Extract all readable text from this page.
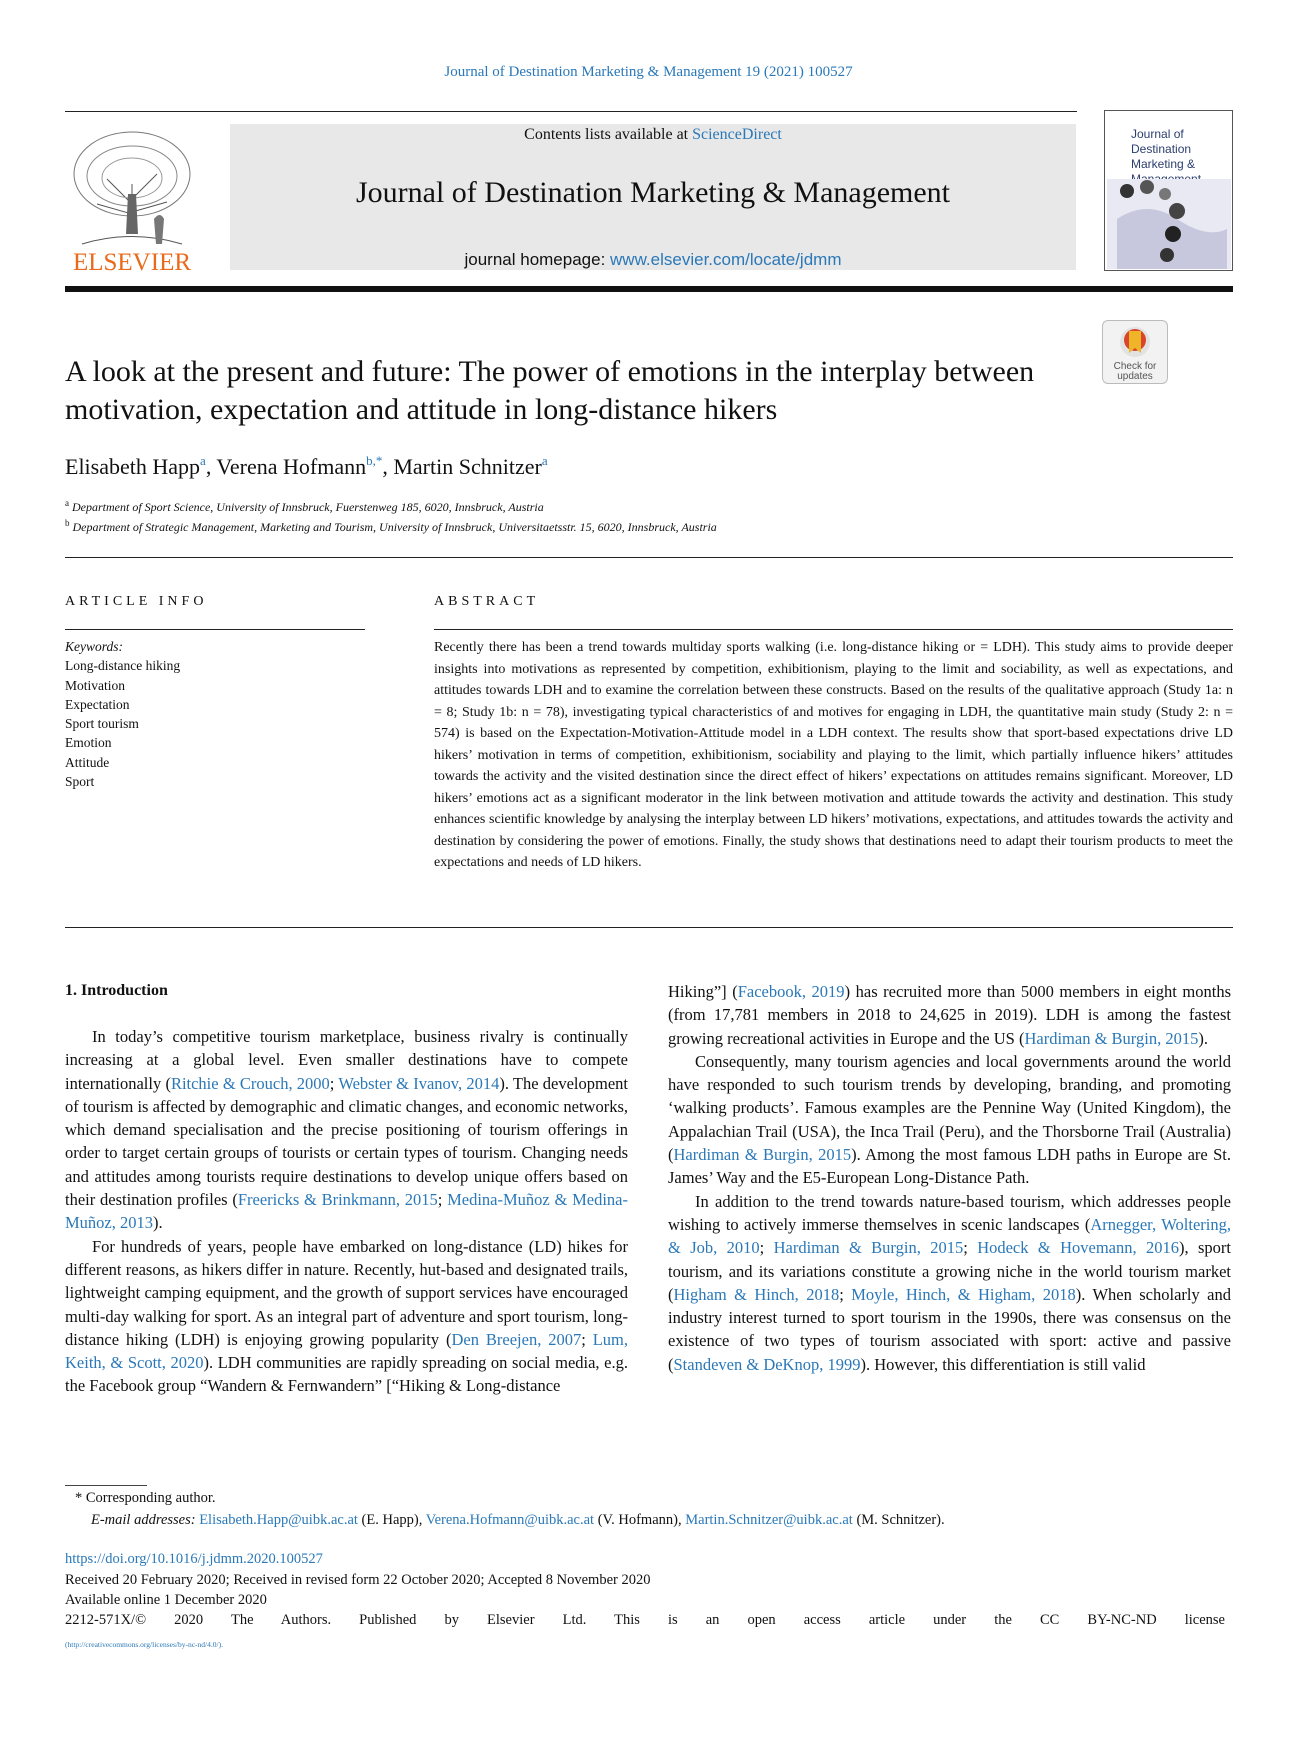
Journal of Destination Marketing & Management 19 (2021) 100527
ELSEVIER
Contents lists available at ScienceDirect
Journal of Destination Marketing & Management
journal homepage: www.elsevier.com/locate/jdmm
Journal of Destination Marketing &
Check for updates
A look at the present and future: The power of emotions in the interplay between motivation, expectation and attitude in long-distance hikers
Elisabeth Happ$^a$, Verena Hofmann$^{b,*}$, Martin Schnitzer$^a$
$^a$ Department of Sport Science, University of Innsbruck, Fuerstenweg 185, 6020, Innsbruck, Austria
$^b$ Department of Strategic Management, Marketing and Tourism, University of Innsbruck, Universitaetsstr. 15, 6020, Innsbruck, Austria
ARTICLE INFO	ABSTRACT
Keywords:
Long-distance hiking
Motivation
Expectation
Sport tourism
Emotion
Attitude
Sport
Recently there has been a trend towards multiday sports walking (i.e. long-distance hiking or = LDH). This study aims to provide deeper insights into motivations as represented by competition, exhibitionism, playing to the limit and sociability, as well as expectations, and attitudes towards LDH and to examine the correlation between these constructs. Based on the results of the qualitative approach (Study 1a: n = 8; Study 1b: n = 78), investigating typical characteristics of and motives for engaging in LDH, the quantitative main study (Study 2: n = 574) is based on the Expectation-Motivation-Attitude model in a LDH context. The results show that sport-based expectations drive LD hikers’ motivation in terms of competition, exhibitionism, sociability and playing to the limit, which partially influence hikers’ attitudes towards the activity and the visited destination since the direct effect of hikers’ expectations on attitudes remains significant. Moreover, LD hikers’ emotions act as a significant moderator in the link between motivation and attitude towards the activity and destination. This study enhances scientific knowledge by analysing the interplay between LD hikers’ motivations, expectations, and attitudes towards the activity and destination by considering the power of emotions. Finally, the study shows that destinations need to adapt their tourism products to meet the expectations and needs of LD hikers.
1. Introduction

In today’s competitive tourism marketplace, business rivalry is continually increasing at a global level. Even smaller destinations have to compete internationally (Ritchie & Crouch, 2000; Webster & Ivanov, 2014). The development of tourism is affected by demographic and climatic changes, and economic networks, which demand specialisation and the precise positioning of tourism offerings in order to target certain groups of tourists or certain types of tourism. Changing needs and attitudes among tourists require destinations to develop unique offers based on their destination profiles (Freericks & Brinkmann, 2015; Medina-Muñoz & Medina-Muñoz, 2013).

For hundreds of years, people have embarked on long-distance (LD) hikes for different reasons, as hikers differ in nature. Recently, hut-based and designated trails, lightweight camping equipment, and the growth of support services have encouraged multi-day walking for sport. As an integral part of adventure and sport tourism, long-distance hiking (LDH) is enjoying growing popularity (Den Breejen, 2007; Lum, Keith, & Scott, 2020). LDH communities are rapidly spreading on social media, e.g. the Facebook group “Wandern & Fernwandern” [“Hiking & Long-distance

Hiking”] (Facebook, 2019) has recruited more than 5000 members in eight months (from 17,781 members in 2018 to 24,625 in 2019). LDH is among the fastest growing recreational activities in Europe and the US (Hardiman & Burgin, 2015).

Consequently, many tourism agencies and local governments around the world have responded to such tourism trends by developing, branding, and promoting ‘walking products’. Famous examples are the Pennine Way (United Kingdom), the Appalachian Trail (USA), the Inca Trail (Peru), and the Thorsborne Trail (Australia) (Hardiman & Burgin, 2015). Among the most famous LDH paths in Europe are St. James’ Way and the E5-European Long-Distance Path.

In addition to the trend towards nature-based tourism, which addresses people wishing to actively immerse themselves in scenic landscapes (Arnegger, Woltering, & Job, 2010; Hardiman & Burgin, 2015; Hodeck & Hovemann, 2016), sport tourism, and its variations constitute a growing niche in the world tourism market (Higham & Hinch, 2018; Moyle, Hinch, & Higham, 2018). When scholarly and industry interest turned to sport tourism in the 1990s, there was consensus on the existence of two types of tourism associated with sport: active and passive (Standeven & DeKnop, 1999). However, this differentiation is still valid

* Corresponding author.
E-mail addresses: Elisabeth.Happ@uibk.ac.at (E. Happ), Verena.Hofmann@uibk.ac.at (V. Hofmann), Martin.Schnitzer@uibk.ac.at (M. Schnitzer).
https://doi.org/10.1016/j.jdmm.2020.100527
Received 20 February 2020; Received in revised form 22 October 2020; Accepted 8 November 2020
Available online 1 December 2020
2212-571X/© 2020 The Authors. Published by Elsevier Ltd. This is an open access article under the CC BY-NC-ND license
(http://creativecommons.org/licenses/by-nc-nd/4.0/).
